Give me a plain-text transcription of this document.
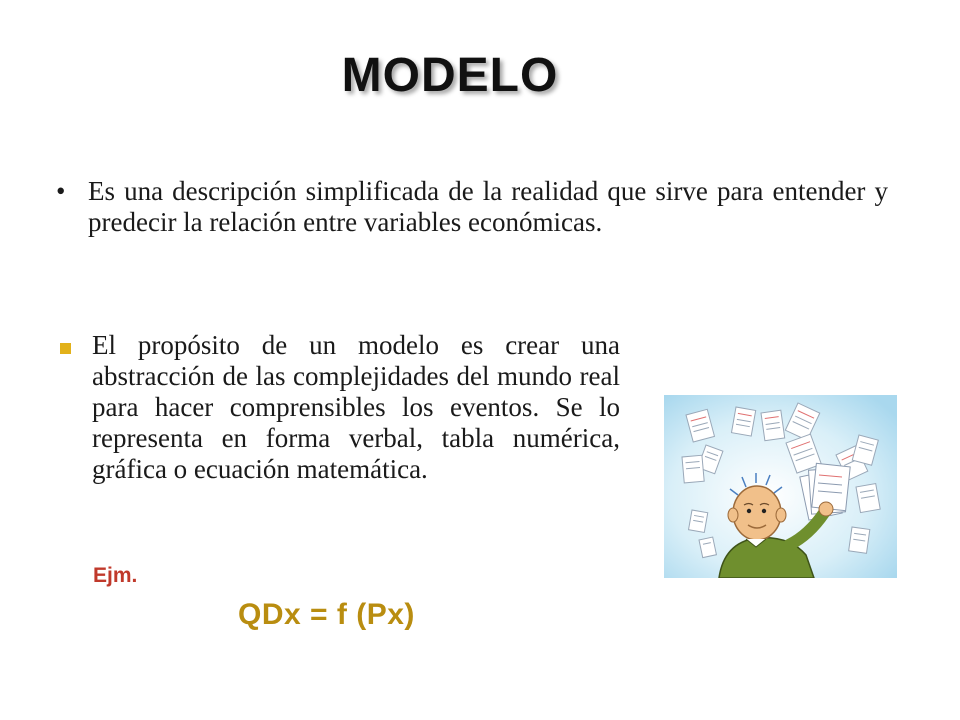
MODELO
• Es una descripción simplificada de la realidad que sirve para entender y predecir la relación entre variables económicas.
El propósito de un modelo es crear una abstracción de las complejidades del mundo real para hacer comprensibles los eventos. Se lo representa en forma verbal, tabla numérica, gráfica o ecuación matemática.
Ejm.
QDx = f (Px)
